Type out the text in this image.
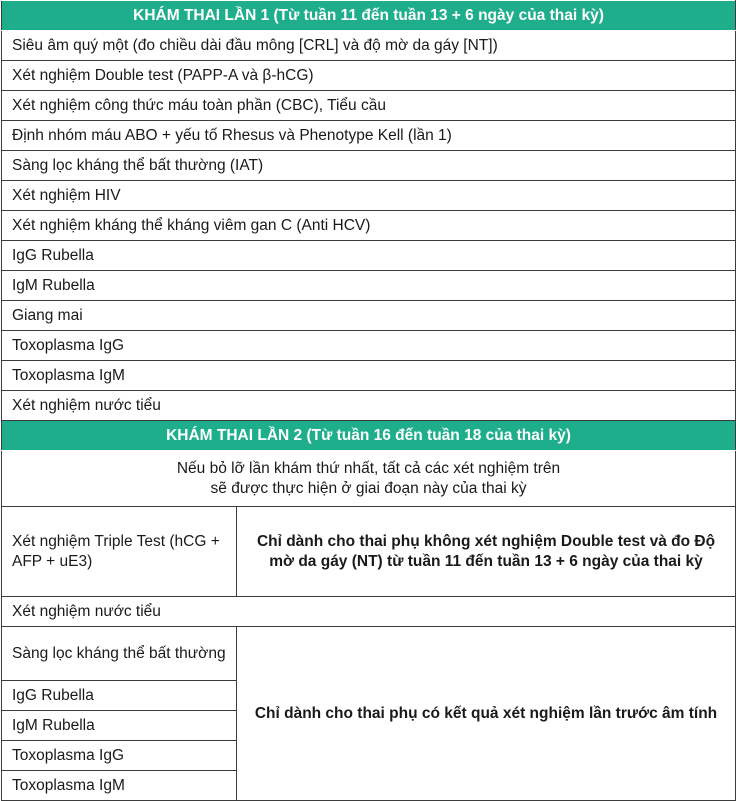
KHÁM THAI LẦN 1 (Từ tuần 11 đến tuần 13 + 6 ngày của thai kỳ)	
Siêu âm quý một (đo chiều dài đầu mông [CRL] và độ mờ da gáy [NT])	
Xét nghiệm Double test (PAPP-A và β-hCG)	
Xét nghiệm công thức máu toàn phần (CBC), Tiểu cầu	
Định nhóm máu ABO + yếu tố Rhesus và Phenotype Kell (lần 1)	
Sàng lọc kháng thể bất thường (IAT)	
Xét nghiệm HIV	
Xét nghiệm kháng thể kháng viêm gan C (Anti HCV)	
IgG Rubella	
IgM Rubella	
Giang mai	
Toxoplasma IgG	
Toxoplasma IgM	
Xét nghiệm nước tiểu	
KHÁM THAI LẦN 2 (Từ tuần 16 đến tuần 18 của thai kỳ)	

Nếu bỏ lỡ lần khám thứ nhất, tất cả các xét nghiệm trên
sẽ được thực hiện ở giai đoạn này của thai kỳ	

Xét nghiệm Triple Test (hCG + AFP + uE3)	Chỉ dành cho thai phụ không xét nghiệm Double test và đo Độ mờ da gáy (NT) từ tuần 11 đến tuần 13 + 6 ngày của thai kỳ
Xét nghiệm nước tiểu	
Sàng lọc kháng thể bất thường	Chỉ dành cho thai phụ có kết quả xét nghiệm lần trước âm tính
IgG Rubella	
IgM Rubella	
Toxoplasma IgG	
Toxoplasma IgM	
